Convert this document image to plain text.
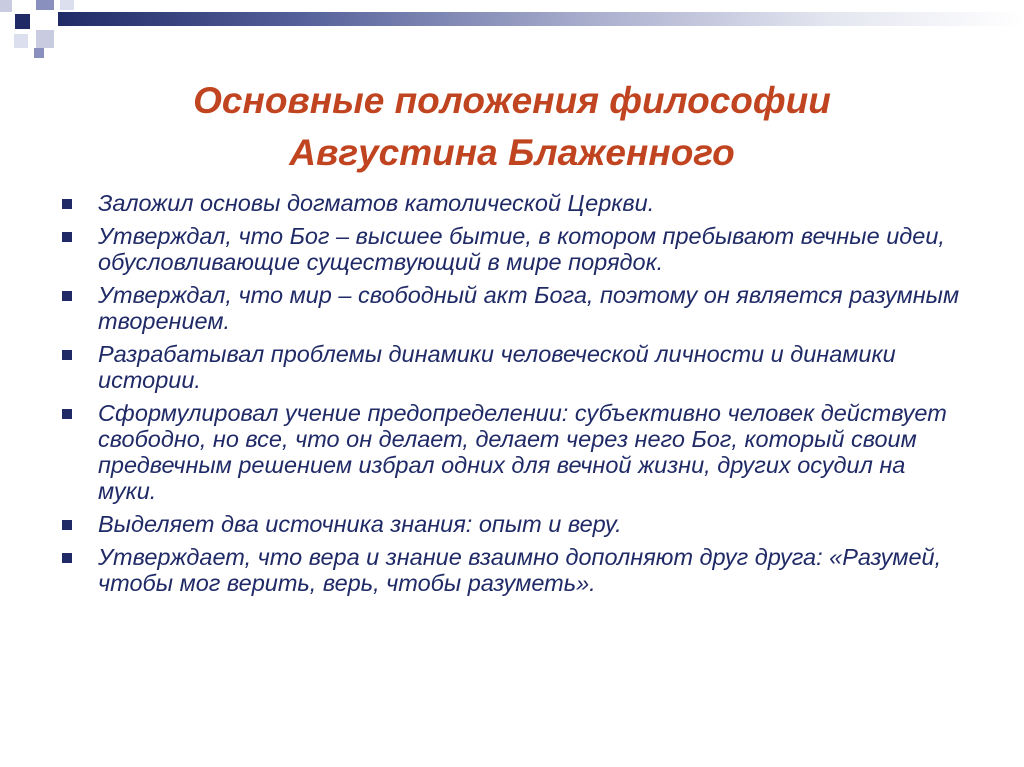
Основные положения философии
Августина Блаженного
Заложил основы догматов католической Церкви.
Утверждал, что Бог – высшее бытие, в котором пребывают вечные идеи, обусловливающие существующий в мире порядок.
Утверждал, что мир – свободный акт Бога, поэтому он является разумным творением.
Разрабатывал проблемы динамики человеческой личности и динамики истории.
Сформулировал учение предопределении: субъективно человек действует свободно, но все, что он делает, делает через него Бог, который своим предвечным решением избрал одних для вечной жизни, других осудил на муки.
Выделяет два источника знания: опыт и веру.
Утверждает, что вера и знание взаимно дополняют друг друга: «Разумей, чтобы мог верить, верь, чтобы разуметь».
